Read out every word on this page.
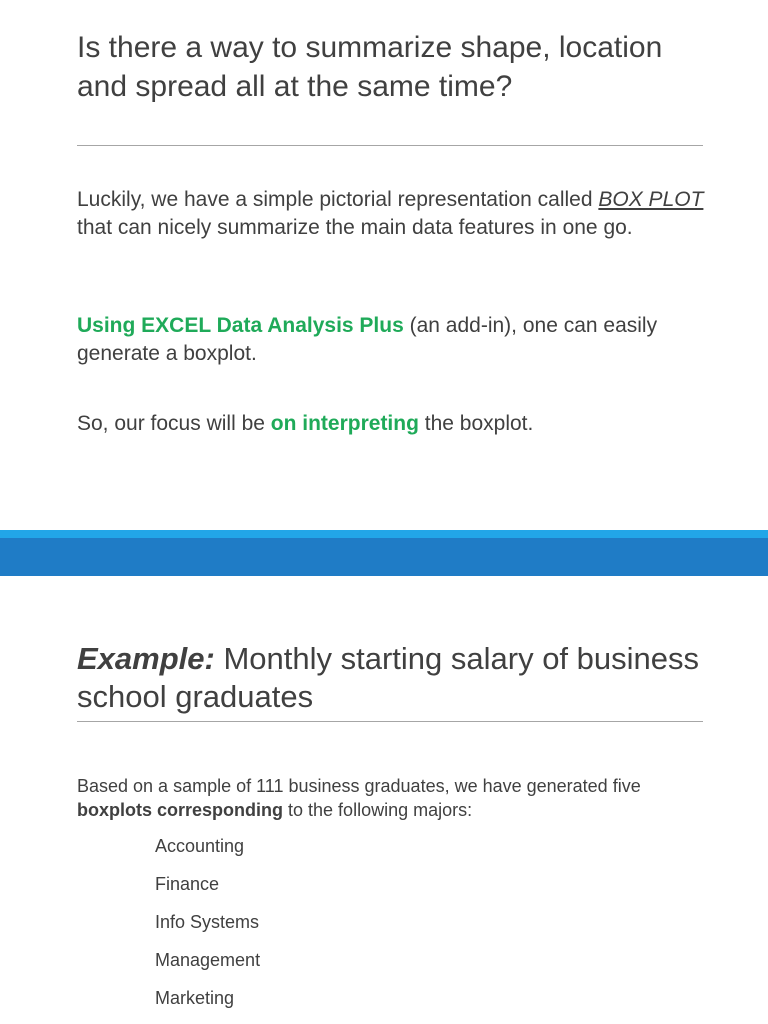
Is there a way to summarize shape, location and spread all at the same time?

Luckily, we have a simple pictorial representation called BOX PLOT that can nicely summarize the main data features in one go.

Using EXCEL Data Analysis Plus (an add-in), one can easily generate a boxplot.

So, our focus will be on interpreting the boxplot.

Example: Monthly starting salary of business school graduates

Based on a sample of 111 business graduates, we have generated five boxplots corresponding to the following majors:

Accounting
Finance
Info Systems
Management
Marketing
